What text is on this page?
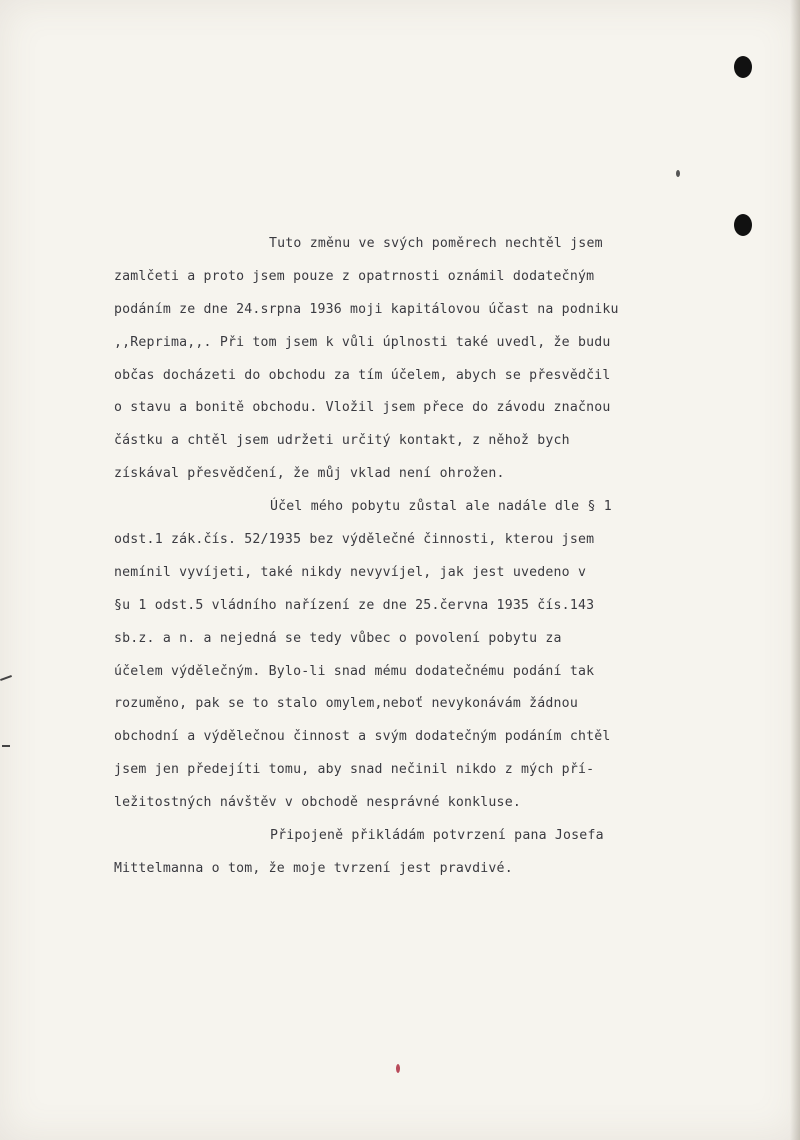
Tuto změnu ve svých poměrech nechtěl jsem
zamlčeti a proto jsem pouze z opatrnosti oznámil dodatečným
podáním ze dne 24.srpna 1936 moji kapitálovou účast na podniku
,,Reprima,,. Při tom jsem k vůli úplnosti také uvedl, že budu
občas docházeti do obchodu za tím účelem, abych se přesvědčil
o stavu a bonitě obchodu. Vložil jsem přece do závodu značnou
částku a chtěl jsem udržeti určitý kontakt, z něhož bych
získával přesvědčení, že můj vklad není ohrožen.
Účel mého pobytu zůstal ale nadále dle § 1
odst.1 zák.čís. 52/1935 bez výdělečné činnosti, kterou jsem
nemínil vyvíjeti, také nikdy nevyvíjel, jak jest uvedeno v
§u 1 odst.5 vládního nařízení ze dne 25.června 1935 čís.143
sb.z. a n. a nejedná se tedy vůbec o povolení pobytu za
účelem výdělečným. Bylo-li snad mému dodatečnému podání tak
rozuměno, pak se to stalo omylem,neboť nevykonávám žádnou
obchodní a výdělečnou činnost a svým dodatečným podáním chtěl
jsem jen předejíti tomu, aby snad nečinil nikdo z mých pří-
ležitostných návštěv v obchodě nesprávné konkluse.
Připojeně přikládám potvrzení pana Josefa
Mittelmanna o tom, že moje tvrzení jest pravdivé.
